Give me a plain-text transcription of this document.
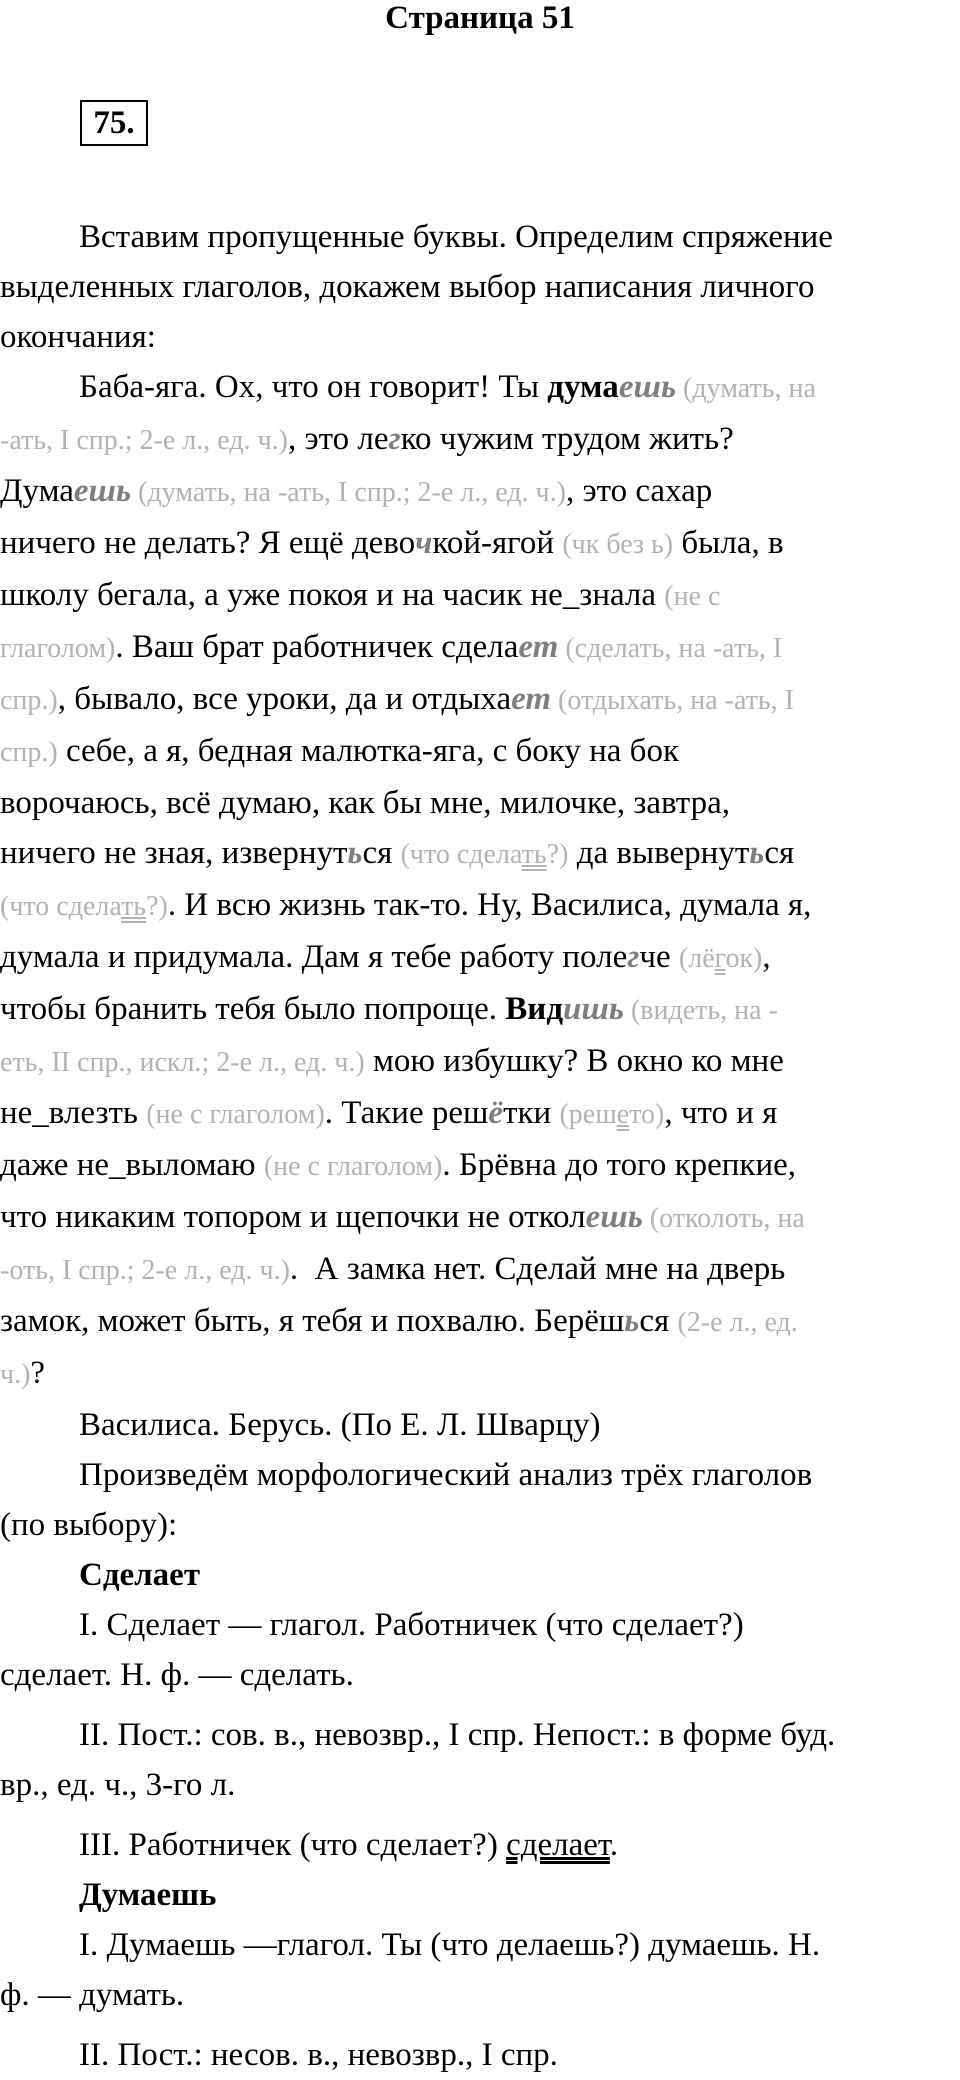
Страница 51
75.

Вставим пропущенные буквы. Определим спряжение

выделенных глаголов, докажем выбор написания личного

окончания:

Баба-яга. Ох, что он говорит! Ты думаешь (думать, на

-ать, I спр.; 2-е л., ед. ч.), это легко чужим трудом жить?

Думаешь (думать, на -ать, I спр.; 2-е л., ед. ч.), это сахар

ничего не делать? Я ещё девочкой-ягой (чк без ь) была, в

школу бегала, а уже покоя и на часик не_знала (не с

глаголом). Ваш брат работничек сделает (сделать, на -ать, I

спр.), бывало, все уроки, да и отдыхает (отдыхать, на -ать, I

спр.) себе, а я, бедная малютка-яга, с боку на бок

ворочаюсь, всё думаю, как бы мне, милочке, завтра,

ничего не зная, извернуться (что сделать?) да вывернуться

(что сделать?). И всю жизнь так-то. Ну, Василиса, думала я,

думала и придумала. Дам я тебе работу полегче (лёгок),

чтобы бранить тебя было попроще. Видишь (видеть, на -

еть, II спр., искл.; 2-е л., ед. ч.) мою избушку? В окно ко мне

не_влезть (не с глаголом). Такие решётки (решето), что и я

даже не_выломаю (не с глаголом). Брёвна до того крепкие,

что никаким топором и щепочки не отколешь (отколоть, на

-оть, I спр.; 2-е л., ед. ч.).  А замка нет. Сделай мне на дверь

замок, может быть, я тебя и похвалю. Берёшься (2-е л., ед.

ч.)?

Василиса. Берусь. (По Е. Л. Шварцу)

Произведём морфологический анализ трёх глаголов

(по выбору):

Сделает

I. Сделает — глагол. Работничек (что сделает?)

сделает. Н. ф. — сделать.

II. Пост.: сов. в., невозвр., I спр. Непост.: в форме буд.

вр., ед. ч., 3-го л.

III. Работничек (что сделает?) сделает.

Думаешь

I. Думаешь —глагол. Ты (что делаешь?) думаешь. Н.

ф. — думать.

II. Пост.: несов. в., невозвр., I спр.
